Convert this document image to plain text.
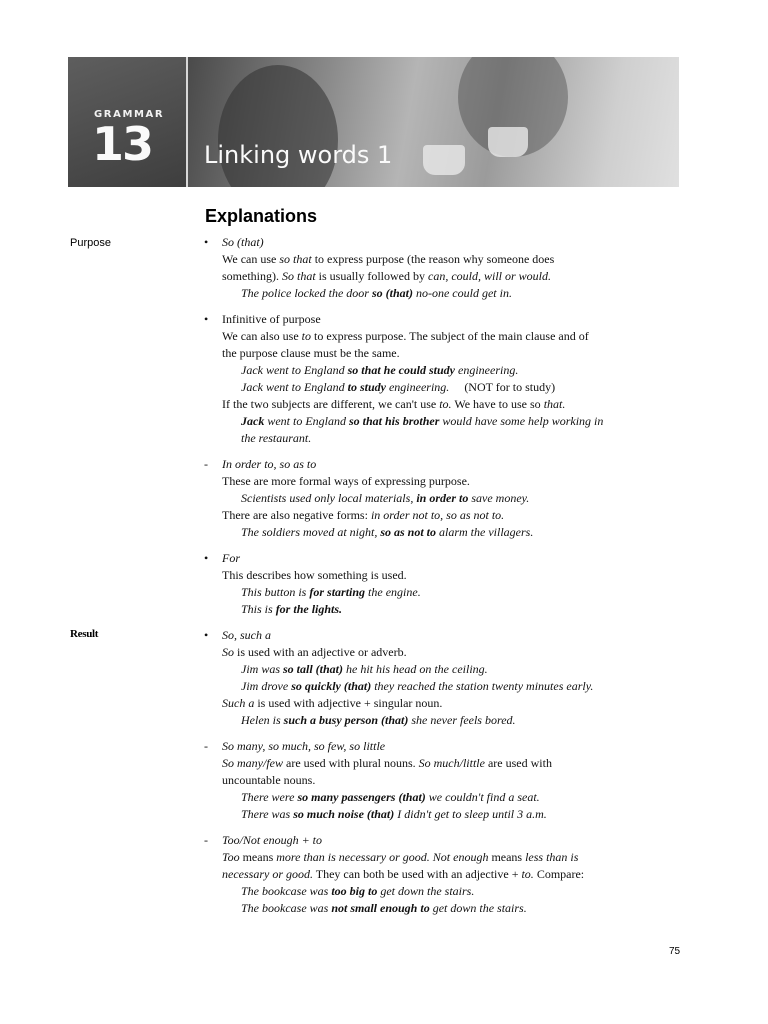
GRAMMAR
13 Linking words 1
Explanations
Purpose
Result
• So (that)
We can use so that to express purpose (the reason why someone does
something). So that is usually followed by can, could, will or would.
The police locked the door so (that) no-one could get in.
• Infinitive of purpose
We can also use to to express purpose. The subject of the main clause and of
the purpose clause must be the same.
Jack went to England so that he could study engineering.
Jack went to England to study engineering.     (NOT for to study)
If the two subjects are different, we can't use to. We have to use so that.
Jack went to England so that his brother would have some help working in
the restaurant.
- In order to, so as to
These are more formal ways of expressing purpose.
Scientists used only local materials, in order to save money.
There are also negative forms: in order not to, so as not to.
The soldiers moved at night, so as not to alarm the villagers.
• For
This describes how something is used.
This button is for starting the engine.
This is for the lights.
• So, such a
So is used with an adjective or adverb.
Jim was so tall (that) he hit his head on the ceiling.
Jim drove so quickly (that) they reached the station twenty minutes early.
Such a is used with adjective + singular noun.
Helen is such a busy person (that) she never feels bored.
- So many, so much, so few, so little
So many/few are used with plural nouns. So much/little are used with
uncountable nouns.
There were so many passengers (that) we couldn't find a seat.
There was so much noise (that) I didn't get to sleep until 3 a.m.
- Too/Not enough + to
Too means more than is necessary or good. Not enough means less than is
necessary or good. They can both be used with an adjective + to. Compare:
The bookcase was too big to get down the stairs.
The bookcase was not small enough to get down the stairs.
75
